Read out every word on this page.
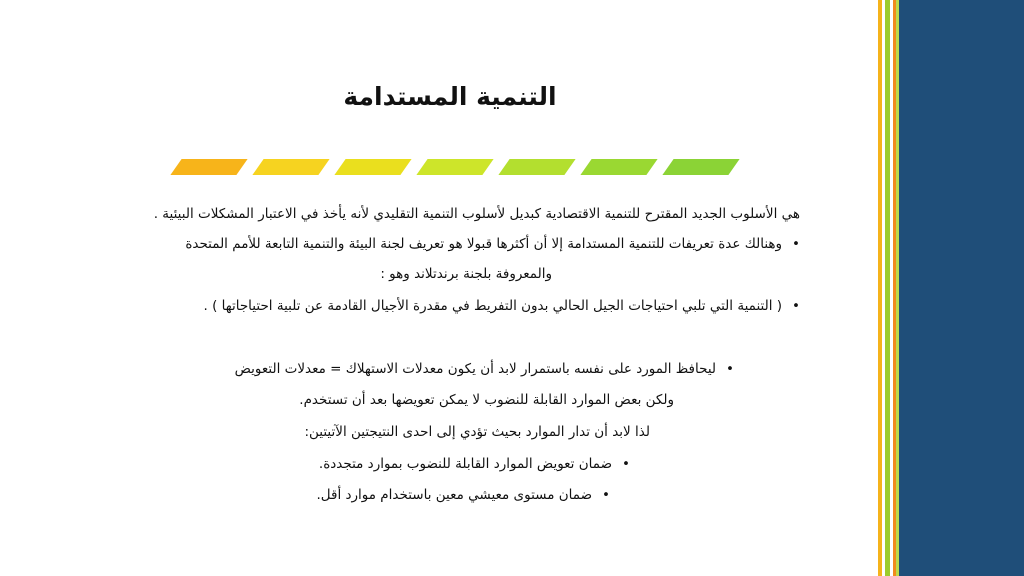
التنمية المستدامة
هي الأسلوب الجديد المقترح للتنمية الاقتصادية كبديل لأسلوب التنمية التقليدي لأنه يأخذ في الاعتبار المشكلات البيئية .
•وهنالك عدة تعريفات للتنمية المستدامة إلا أن أكثرها قبولا هو تعريف لجنة البيئة والتنمية التابعة للأمم المتحدة
والمعروفة بلجنة برندتلاند وهو :
•( التنمية التي تلبي احتياجات الجيل الحالي بدون التفريط في مقدرة الأجيال القادمة عن تلبية احتياجاتها ) .
•ليحافظ المورد على نفسه باستمرار لابد أن يكون معدلات الاستهلاك = معدلات التعويض
ولكن بعض الموارد القابلة للنضوب لا يمكن تعويضها بعد أن تستخدم.
لذا لابد أن تدار الموارد بحيث تؤدي إلى احدى النتيجتين الآتيتين:
•ضمان تعويض الموارد القابلة للنضوب بموارد متجددة.
•ضمان مستوى معيشي معين باستخدام موارد أقل.
